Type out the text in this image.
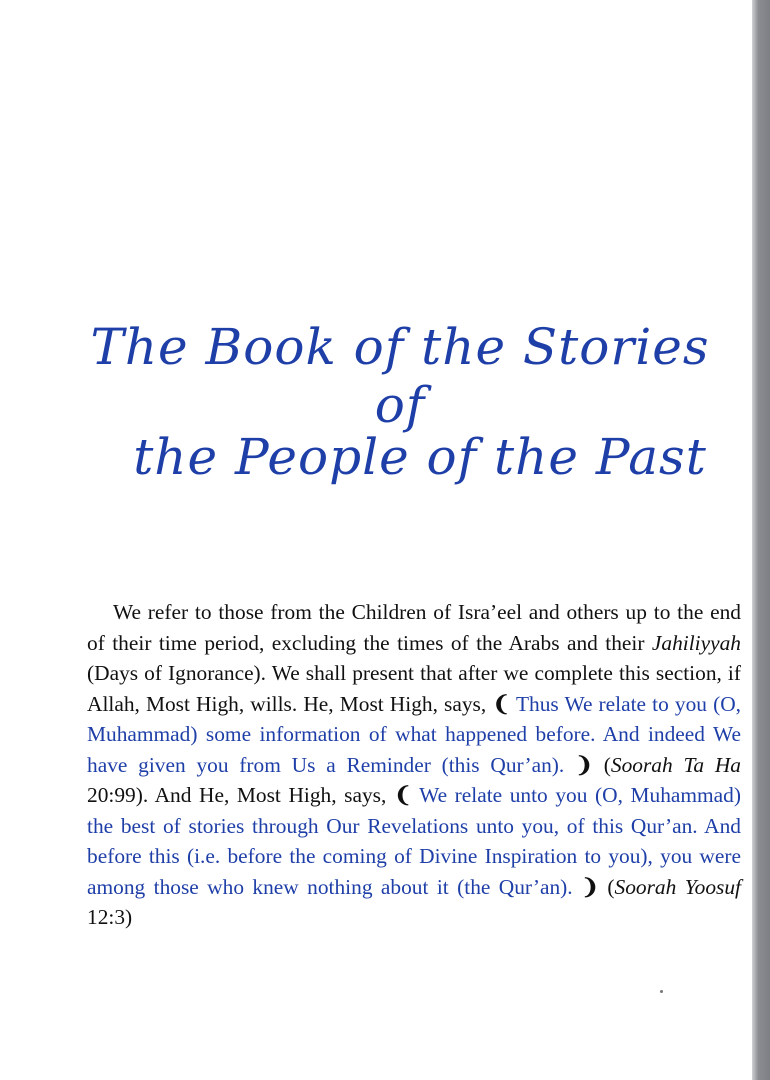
The Book of the Stories of
the People of the Past

We refer to those from the Children of Isra’eel and others up to the end of their time period, excluding the times of the Arabs and their Jahiliyyah (Days of Ignorance). We shall present that after we complete this section, if Allah, Most High, wills. He, Most High, says, ❨ Thus We relate to you (O, Muhammad) some information of what happened before. And indeed We have given you from Us a Reminder (this Qur’an). ❩ (Soorah Ta Ha 20:99). And He, Most High, says, ❨ We relate unto you (O, Muhammad) the best of stories through Our Revelations unto you, of this Qur’an. And before this (i.e. before the coming of Divine Inspiration to you), you were among those who knew nothing about it (the Qur’an). ❩ (Soorah Yoosuf 12:3)
